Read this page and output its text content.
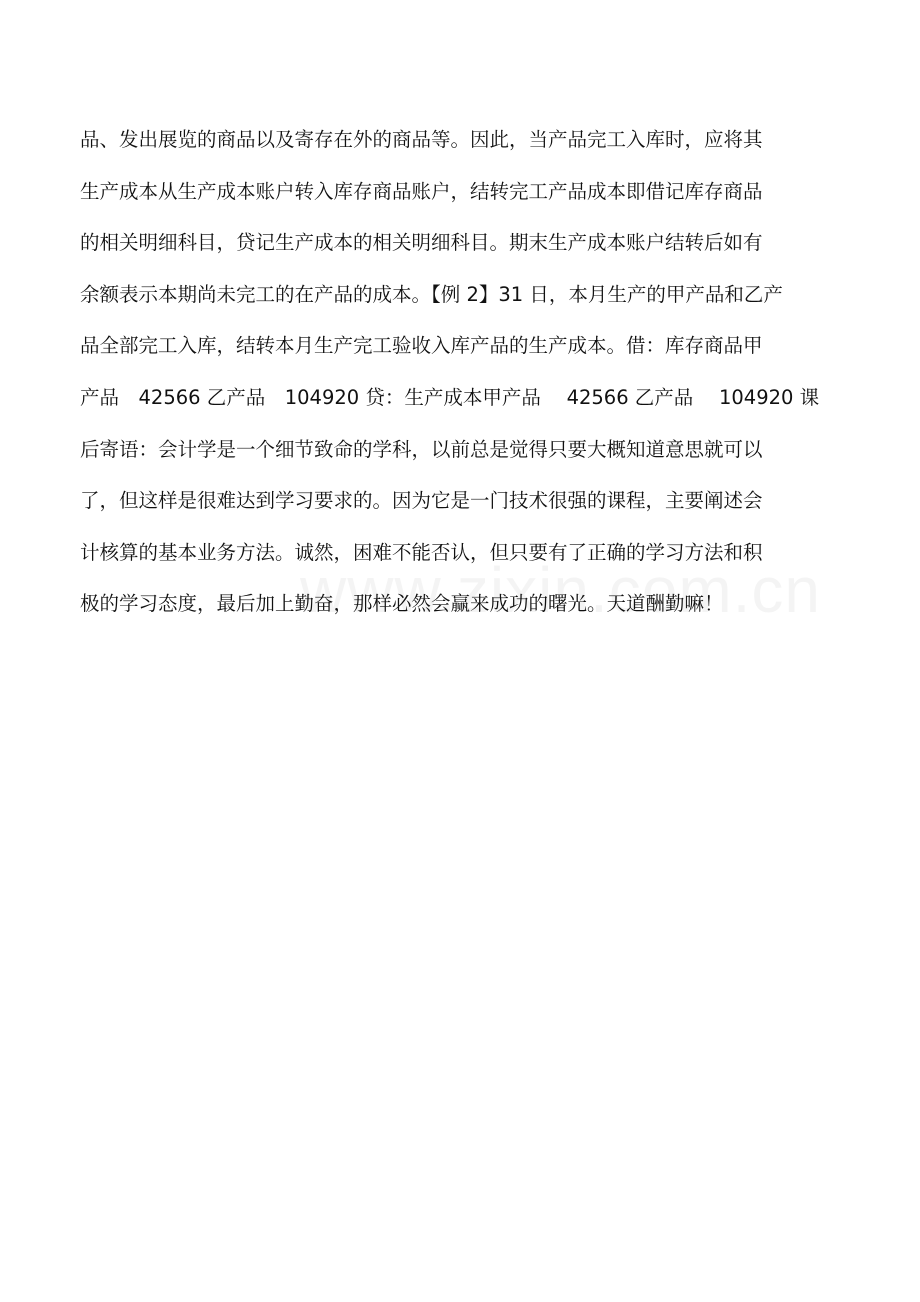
品、发出展览的商品以及寄存在外的商品等。因此，当产品完工入库时，应将其
生产成本从生产成本账户转入库存商品账户，结转完工产品成本即借记库存商品
的相关明细科目，贷记生产成本的相关明细科目。期末生产成本账户结转后如有
余额表示本期尚未完工的在产品的成本。【例 2】31 日，本月生产的甲产品和乙产
品全部完工入库，结转本月生产完工验收入库产品的生产成本。借：库存商品甲
产品　42566 乙产品　104920 贷：生产成本甲产品　 42566 乙产品　 104920 课
后寄语：会计学是一个细节致命的学科，以前总是觉得只要大概知道意思就可以
了，但这样是很难达到学习要求的。因为它是一门技术很强的课程，主要阐述会
计核算的基本业务方法。诚然，困难不能否认，但只要有了正确的学习方法和积
极的学习态度，最后加上勤奋，那样必然会赢来成功的曙光。天道酬勤嘛！
